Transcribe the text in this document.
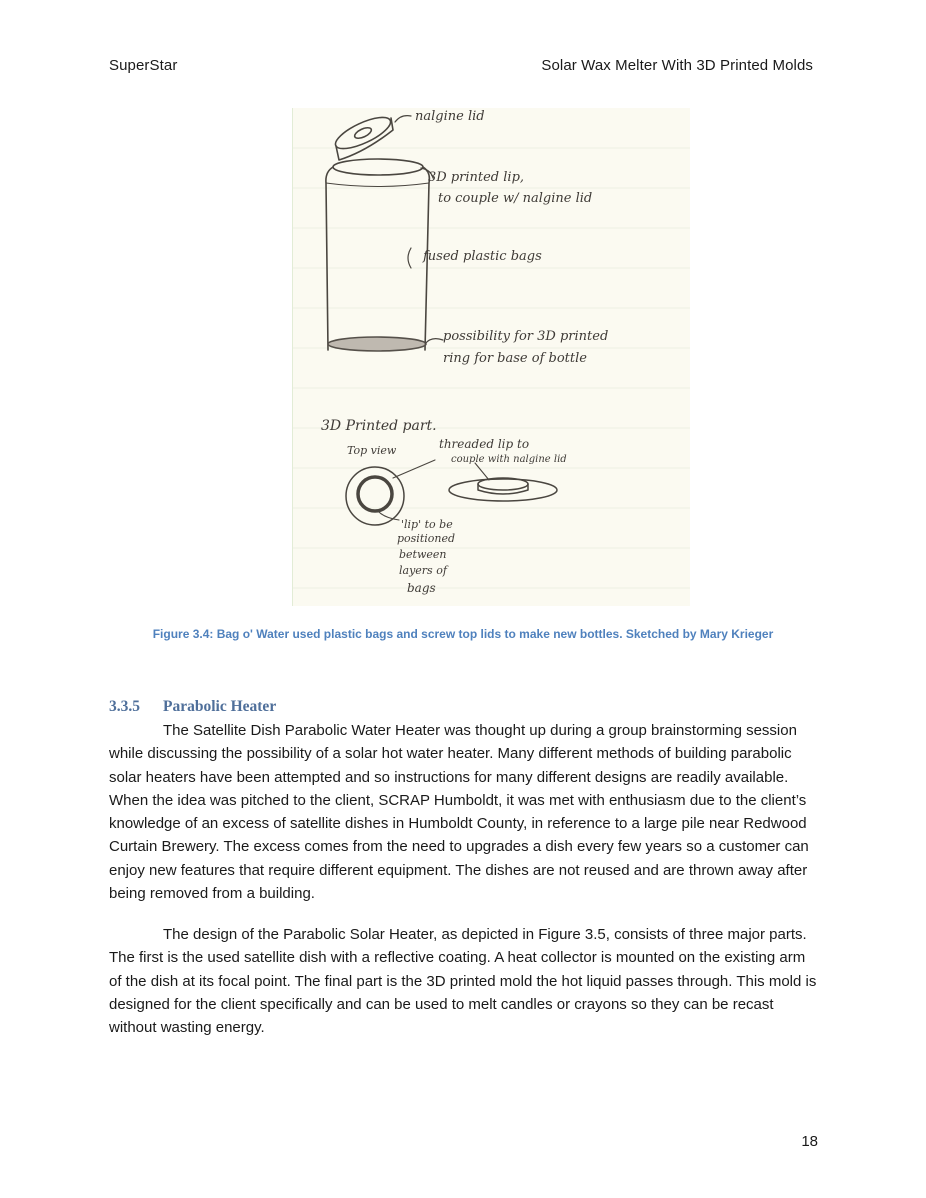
SuperStar	Solar Wax Melter With 3D Printed Molds
nalgine lid
3D printed lip,
to couple w/ nalgine lid
fused plastic bags
possibility for 3D printed
ring for base of bottle
3D Printed part.
Top view	threaded lip to
couple with nalgine lid
'lip' to be
positioned
between
layers of
bags
Figure 3.4: Bag o' Water used plastic bags and screw top lids to make new bottles. Sketched by Mary Krieger
3.3.5 Parabolic Heater

The Satellite Dish Parabolic Water Heater was thought up during a group brainstorming session while discussing the possibility of a solar hot water heater. Many different methods of building parabolic solar heaters have been attempted and so instructions for many different designs are readily available. When the idea was pitched to the client, SCRAP Humboldt, it was met with enthusiasm due to the client’s knowledge of an excess of satellite dishes in Humboldt County, in reference to a large pile near Redwood Curtain Brewery. The excess comes from the need to upgrades a dish every few years so a customer can enjoy new features that require different equipment. The dishes are not reused and are thrown away after being removed from a building.

The design of the Parabolic Solar Heater, as depicted in Figure 3.5, consists of three major parts. The first is the used satellite dish with a reflective coating. A heat collector is mounted on the existing arm of the dish at its focal point. The final part is the 3D printed mold the hot liquid passes through. This mold is designed for the client specifically and can be used to melt candles or crayons so they can be recast without wasting energy.

18
